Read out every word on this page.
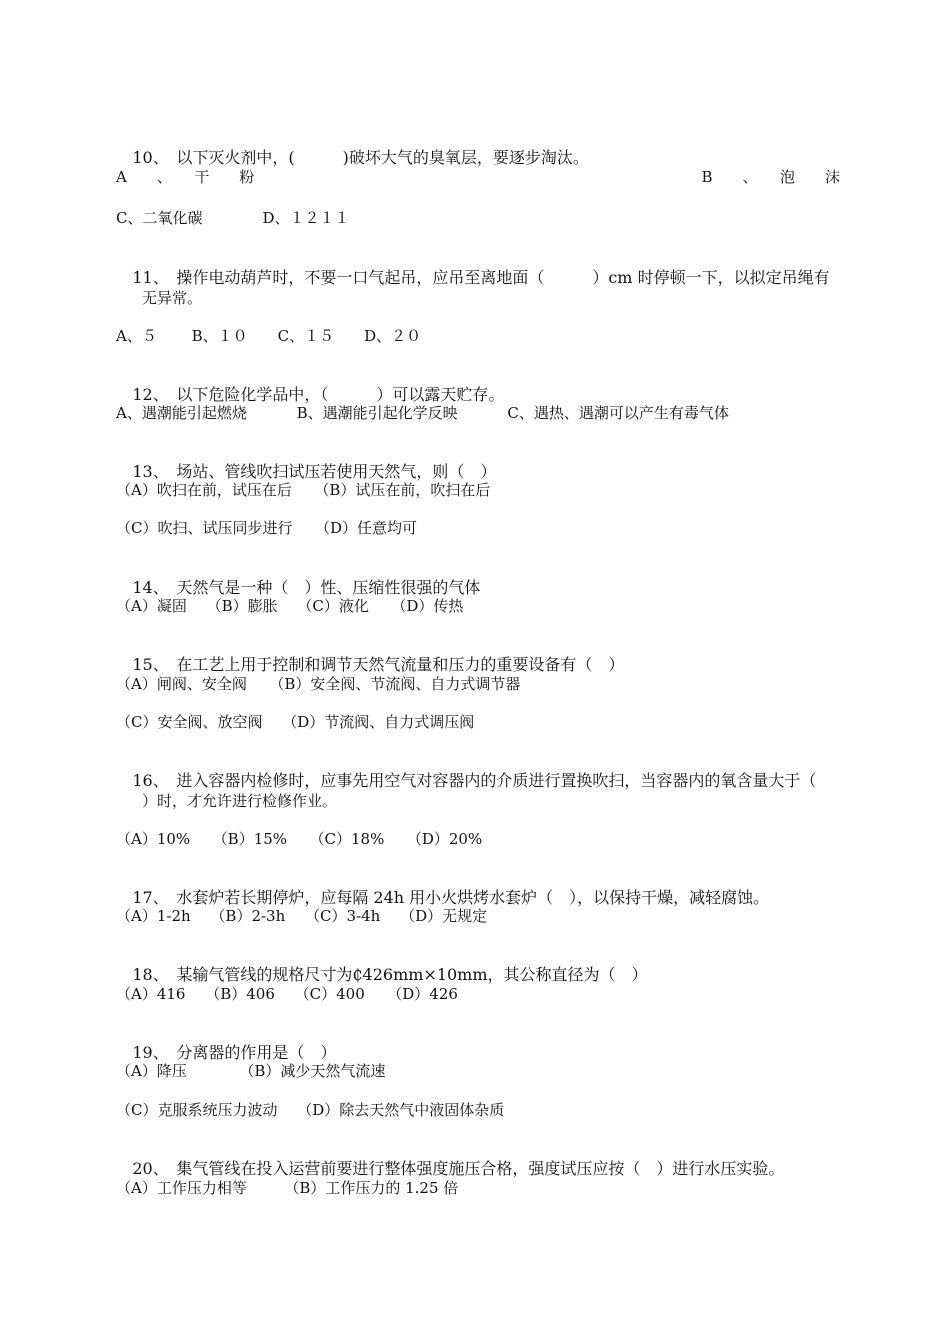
10、 以下灭火剂中，(　　　)破坏大气的臭氧层，要逐步淘汰。

A　　、　　干　　粉	B　　、　　泡　　沫
C、二氧化碳　　　　D、１２１１

11、 操作电动葫芦时，不要一口气起吊，应吊至离地面（　　　）cm 时停顿一下，以拟定吊绳有

无异常。
A、５　　 B、１０　　C、１５　　D、２０

12、 以下危险化学品中，（　　　）可以露天贮存。

A、遇潮能引起燃烧　　　 B、遇潮能引起化学反映　　　 C、遇热、遇潮可以产生有毒气体

13、 场站、管线吹扫试压若使用天然气，则（　）

（A）吹扫在前，试压在后　　（B）试压在前，吹扫在后
（C）吹扫、试压同步进行　　（D）任意均可

14、 天然气是一种（　）性、压缩性很强的气体

（A）凝固　 （B）膨胀　 （C）液化　　（D）传热

15、 在工艺上用于控制和调节天然气流量和压力的重要设备有（　）

（A）闸阀、安全阀　　（B）安全阀、节流阀、自力式调节器
（C）安全阀、放空阀　 （D）节流阀、自力式调压阀

16、 进入容器内检修时，应事先用空气对容器内的介质进行置换吹扫，当容器内的氧含量大于（

）时，才允许进行检修作业。
（A）10%　　（B）15%　　（C）18%　　（D）20%

17、 水套炉若长期停炉，应每隔 24h 用小火烘烤水套炉（　），以保持干燥，减轻腐蚀。

（A）1-2h　 （B）2-3h　 （C）3-4h　 （D）无规定

18、 某输气管线的规格尺寸为₵426mm×10mm，其公称直径为（　）

（A）416　 （B）406　 （C）400　　（D）426

19、 分离器的作用是（　）

（A）降压　　　　（B）减少天然气流速
（C）克服系统压力波动　 （D）除去天然气中液固体杂质

20、 集气管线在投入运营前要进行整体强度施压合格，强度试压应按（　）进行水压实验。

（A）工作压力相等　　　（B）工作压力的 1.25 倍
